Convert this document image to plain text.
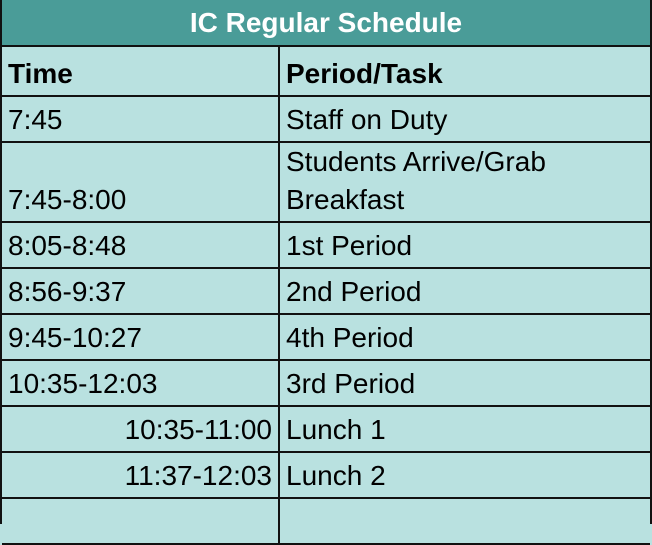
IC Regular Schedule
Time	Period/Task
7:45	Staff on Duty
7:45-8:00	Students Arrive/Grab Breakfast
8:05-8:48	1st Period
8:56-9:37	2nd Period
9:45-10:27	4th Period
10:35-12:03	3rd Period
10:35-11:00	Lunch 1
11:37-12:03	Lunch 2
